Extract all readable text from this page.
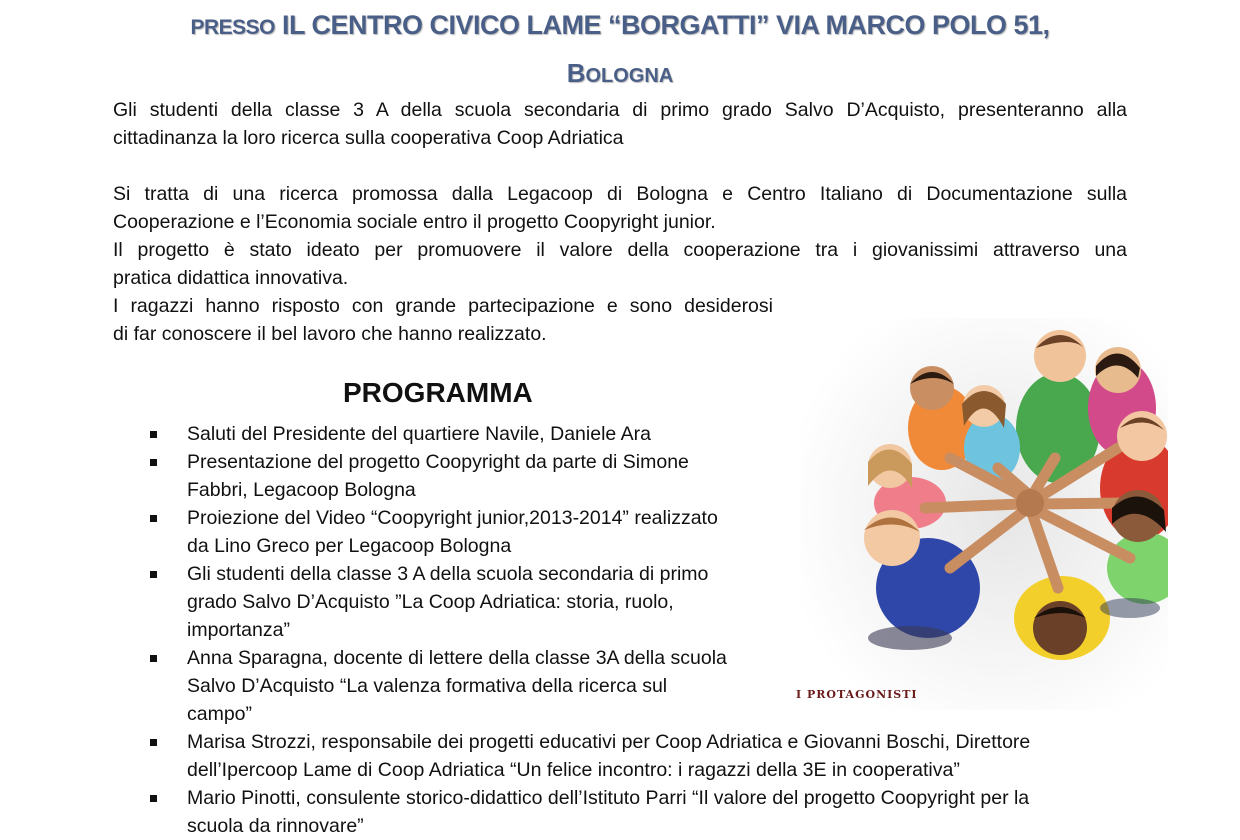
PRESSO IL CENTRO CIVICO LAME “BORGATTI” VIA MARCO POLO 51,
BOLOGNA
Gli studenti della classe 3 A della scuola secondaria di primo grado Salvo D’Acquisto, presenteranno alla
cittadinanza la loro ricerca sulla cooperativa Coop Adriatica
Si tratta di una ricerca promossa dalla Legacoop di Bologna e Centro Italiano di Documentazione sulla
Cooperazione e l’Economia sociale entro il progetto Coopyright junior.
Il progetto è stato ideato per promuovere il valore della cooperazione tra i giovanissimi attraverso una
pratica didattica innovativa.
I ragazzi hanno risposto con grande partecipazione e sono desiderosi
di far conoscere il bel lavoro che hanno realizzato.
PROGRAMMA
Saluti del Presidente del quartiere Navile, Daniele Ara
Presentazione del progetto Coopyright da parte di Simone
Fabbri, Legacoop Bologna
Proiezione del Video “Coopyright junior,2013-2014” realizzato
da Lino Greco per Legacoop Bologna
Gli studenti della classe 3 A della scuola secondaria di primo
grado Salvo D’Acquisto ”La Coop Adriatica: storia, ruolo,
importanza”
Anna Sparagna, docente di lettere della classe 3A della scuola
Salvo D’Acquisto “La valenza formativa della ricerca sul
campo”
Marisa Strozzi, responsabile dei progetti educativi per Coop Adriatica e Giovanni Boschi, Direttore
dell’Ipercoop Lame di Coop Adriatica “Un felice incontro: i ragazzi della 3E in cooperativa”
Mario Pinotti, consulente storico-didattico dell’Istituto Parri “Il valore del progetto Coopyright per la
scuola da rinnovare”
I PROTAGONISTI
